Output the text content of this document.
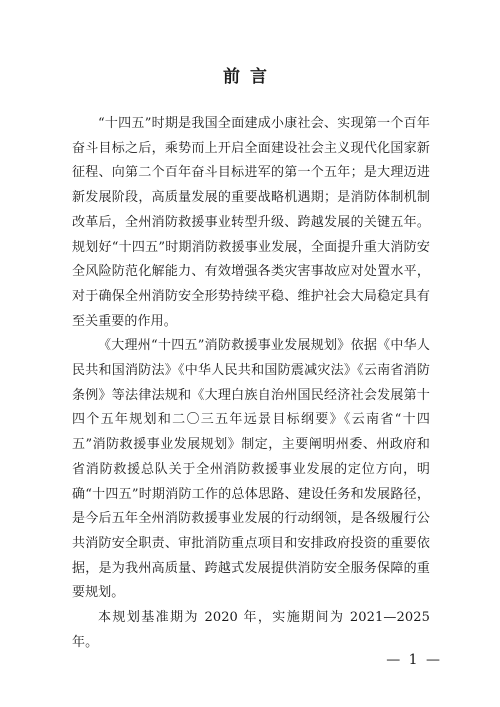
前言

“十四五”时期是我国全面建成小康社会、实现第一个百年奋斗目标之后，乘势而上开启全面建设社会主义现代化国家新征程、向第二个百年奋斗目标进军的第一个五年；是大理迈进新发展阶段，高质量发展的重要战略机遇期；是消防体制机制改革后，全州消防救援事业转型升级、跨越发展的关键五年。规划好“十四五”时期消防救援事业发展，全面提升重大消防安全风险防范化解能力、有效增强各类灾害事故应对处置水平，对于确保全州消防安全形势持续平稳、维护社会大局稳定具有至关重要的作用。

《大理州“十四五”消防救援事业发展规划》依据《中华人民共和国消防法》《中华人民共和国防震减灾法》《云南省消防条例》等法律法规和《大理白族自治州国民经济社会发展第十四个五年规划和二〇三五年远景目标纲要》《云南省“十四五”消防救援事业发展规划》制定，主要阐明州委、州政府和省消防救援总队关于全州消防救援事业发展的定位方向，明确“十四五”时期消防工作的总体思路、建设任务和发展路径，是今后五年全州消防救援事业发展的行动纲领，是各级履行公共消防安全职责、审批消防重点项目和安排政府投资的重要依据，是为我州高质量、跨越式发展提供消防安全服务保障的重要规划。

本规划基准期为 2020 年，实施期间为 2021—2025 年。

— 1 —
